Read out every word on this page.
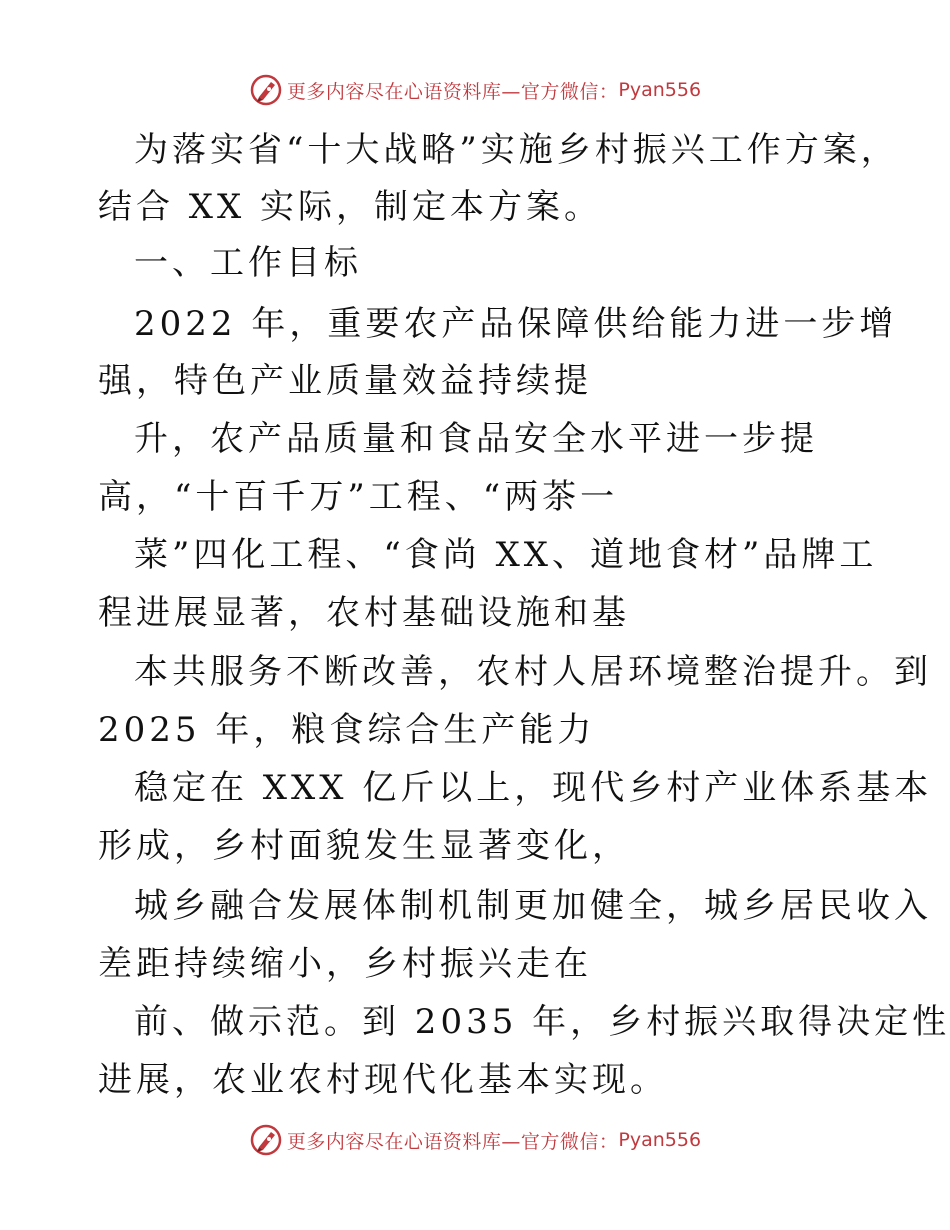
更多内容尽在心语资料库—官方微信： Pyan556
为落实省“十大战略”实施乡村振兴工作方案，
结合 XX 实际，制定本方案。
一、工作目标
2022 年，重要农产品保障供给能力进一步增
强，特色产业质量效益持续提
升，农产品质量和食品安全水平进一步提
高，“十百千万”工程、“两茶一
菜”四化工程、“食尚 XX、道地食材”品牌工
程进展显著，农村基础设施和基
本共服务不断改善，农村人居环境整治提升。到
2025 年，粮食综合生产能力
稳定在 XXX 亿斤以上，现代乡村产业体系基本
形成，乡村面貌发生显著变化，
城乡融合发展体制机制更加健全，城乡居民收入
差距持续缩小，乡村振兴走在
前、做示范。到 2035 年，乡村振兴取得决定性
进展，农业农村现代化基本实现。
更多内容尽在心语资料库—官方微信： Pyan556
